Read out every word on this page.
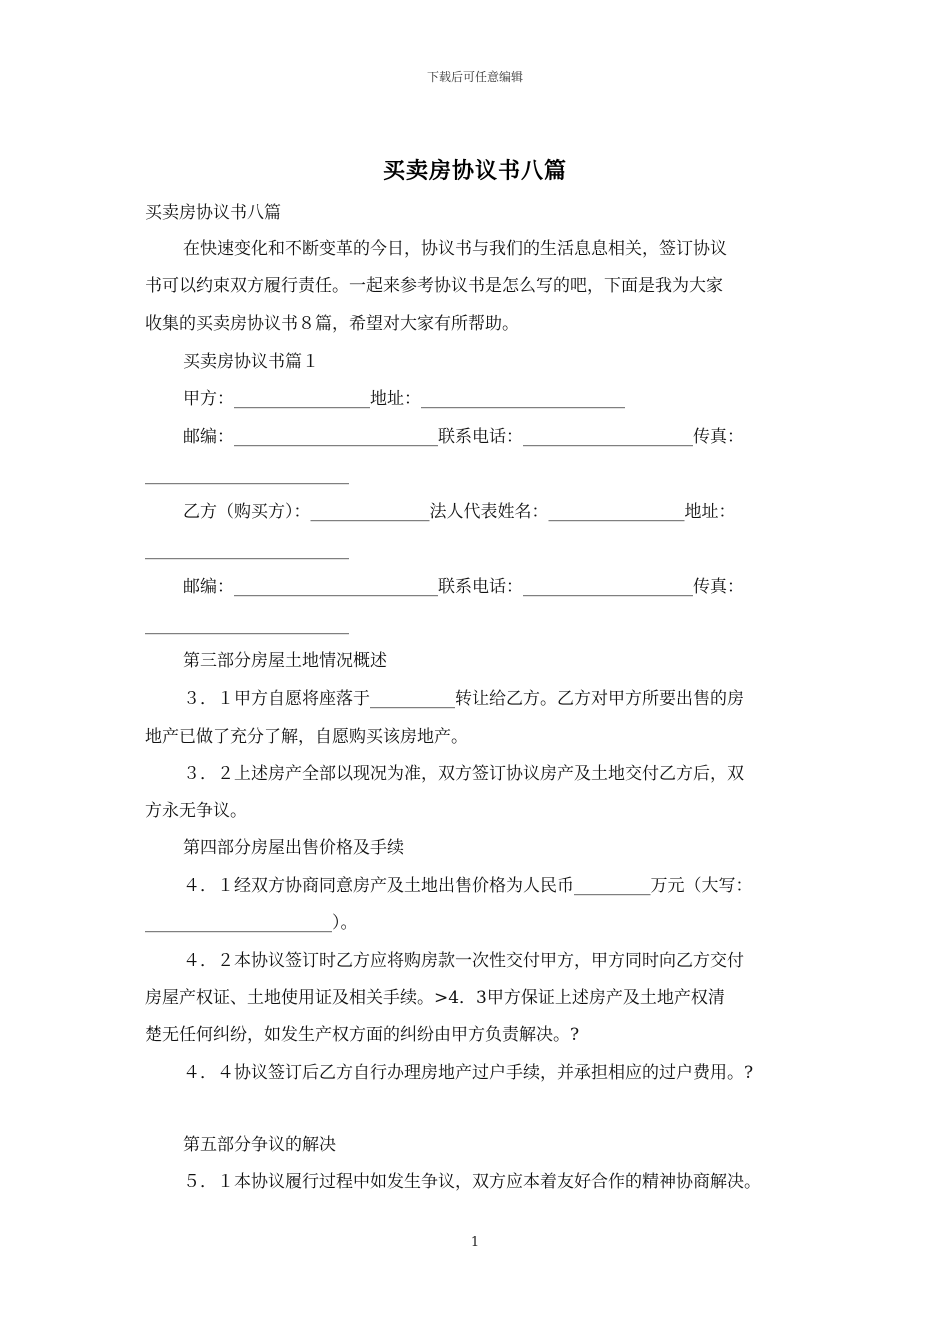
下载后可任意编辑
买卖房协议书八篇
买卖房协议书八篇
在快速变化和不断变革的今日，协议书与我们的生活息息相关，签订协议
书可以约束双方履行责任。一起来参考协议书是怎么写的吧，下面是我为大家
收集的买卖房协议书８篇，希望对大家有所帮助。
买卖房协议书篇１
甲方：________________地址：________________________
邮编：________________________联系电话：____________________传真：
________________________
乙方（购买方）：______________法人代表姓名：________________地址：
________________________
邮编：________________________联系电话：____________________传真：
________________________
第三部分房屋土地情况概述
３．１甲方自愿将座落于__________转让给乙方。乙方对甲方所要出售的房
地产已做了充分了解，自愿购买该房地产。
３．２上述房产全部以现况为准，双方签订协议房产及土地交付乙方后，双
方永无争议。
第四部分房屋出售价格及手续
４．１经双方协商同意房产及土地出售价格为人民币_________万元（大写：
______________________）。
４．２本协议签订时乙方应将购房款一次性交付甲方，甲方同时向乙方交付
房屋产权证、土地使用证及相关手续。>4．3甲方保证上述房产及土地产权清
楚无任何纠纷，如发生产权方面的纠纷由甲方负责解决。?
４．４协议签订后乙方自行办理房地产过户手续，并承担相应的过户费用。?
第五部分争议的解决
５．１本协议履行过程中如发生争议，双方应本着友好合作的精神协商解决。
1
